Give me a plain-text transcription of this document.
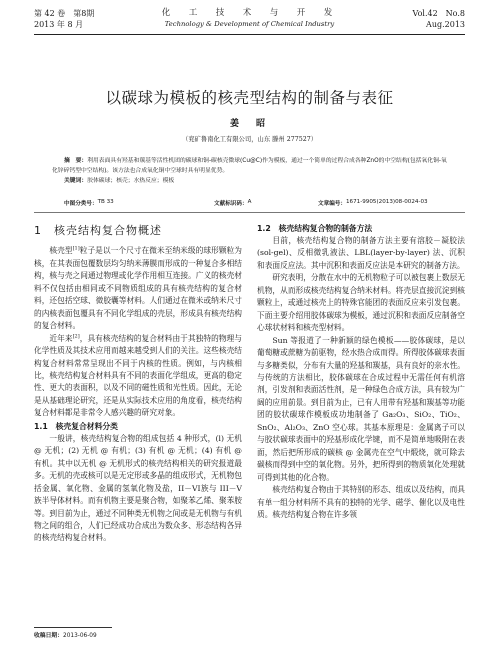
第 42 卷　第8期
2013 年 8 月
化　工　技　术　与　开　发
Technology & Development of Chemical Industry
Vol.42　No.8
Aug.2013
以碳球为模板的核壳型结构的制备与表征
姜　昭
（兖矿鲁南化工有限公司，山东 滕州 277527）

摘　要：利用表面具有羟基和羰基等活性机团的碳球和铜-碳核壳微球(Cu@C)作为模板，通过一个简单的过程合成各种ZnO的中空结构(包括氧化铜-氧化锌碎钙型中空结构)。该方法也合成氧化铜中空球时具有明显优势。

关键词：胶体碳球；核壳；水热反应；模板

中图分类号： TB 33	文献标识码： A	文章编号： 1671-9905(2013)08-0024-03
1　核壳结构复合物概述

核壳型[1]粒子是以一个尺寸在微米至纳米级的球形颗粒为核，在其表面包覆数层均匀纳米薄膜而形成的一种复合多相结构，核与壳之间通过物理或化学作用相互连接。广义的核壳材料不仅包括由相同或不同物质组成的具有核壳结构的复合材料，还包括空球、微胶囊等材料。人们通过在微米或纳米尺寸的内核表面包覆具有不同化学组成的壳层，形成具有核壳结构的复合材料。

近年来[2]，具有核壳结构的复合材料由于其独特的物理与化学性质及其技术应用而越来越受到人们的关注。这些核壳结构复合材料常常呈现出不同于内核的性质。例如，与内核相比，核壳结构复合材料具有不同的表面化学组成，更高的稳定性、更大的表面积，以及不同的磁性质和光性质。因此，无论是从基础理论研究，还是从实际技术应用的角度看，核壳结构复合材料都是非常令人感兴趣的研究对象。

1.1　核壳复合材料分类

一般讲，核壳结构复合物的组成包括 4 种形式，(l) 无机 @ 无机；(2) 无机 @ 有机；(3) 有机 @ 无机；(4) 有机 @ 有机。其中以无机 @ 无机形式的核壳结构相关的研究报道最多。无机的壳或核可以是无定形或多晶的组成形式，无机物包括金属、氧化物、金属的氢氧化物及盐，II－VI族与 III－V族半导体材料。而有机物主要是聚合物，如聚苯乙烯、聚苯胺等。到目前为止，通过不同种类无机物之间或是无机物与有机物之间的组合，人们已经成功合成出为数众多、形态结构各异的核壳结构复合材料。

1.2　核壳结构复合物的制备方法

目前，核壳结构复合物的制备方法主要有溶胶－凝胶法 (sol-gel)、反相微乳液法、LBL(layer-by-layer) 法、沉积和表面反应法。其中沉积和表面反应法是本研究的制备方法。

研究表明，分散在水中的无机物粒子可以被包裹上数层无机物，从而形成核壳结构复合纳米材料。将壳层直接沉淀到核颗粒上，或通过核壳上的特殊官能团的表面反应来引发包裹。下面主要介绍用胶体碳球为模板，通过沉积和表面反应制备空心球状材料和核壳型材料。

Sun 等报道了一种新颖的绿色模板——胶体碳球，是以葡萄糖或蔗糖为前驱物，经水热合成而得。所得胶体碳球表面与多糖类似，分布有大量的羟基和羰基，具有良好的亲水性。与传统的方法相比，胶体碳球在合成过程中无需任何有机溶剂，引发剂和表面活性剂，是一种绿色合成方法，具有较为广阔的应用前景。到目前为止，已有人用带有羟基和羰基等功能团的胶状碳球作模板成功地制备了 Ga₂O₃、SiO₂、TiO₂、SnO₂、Al₂O₃、ZnO 空心球。其基本原理是：金属离子可以与胶状碳球表面中的羟基形成化学键，而不是简单地吸附在表面，然后把所形成的碳核 @ 金属壳在空气中煅烧，就可除去碳核而得到中空的氧化物。另外，把所得到的物质氧化处理就可得到其他的化合物。

核壳结构复合物由于其特别的形态、组成以及结构，而具有单一组分材料所不具有的独特的光学、磁学、催化以及电性质。核壳结构复合物在许多领

收稿日期：2013-06-09
